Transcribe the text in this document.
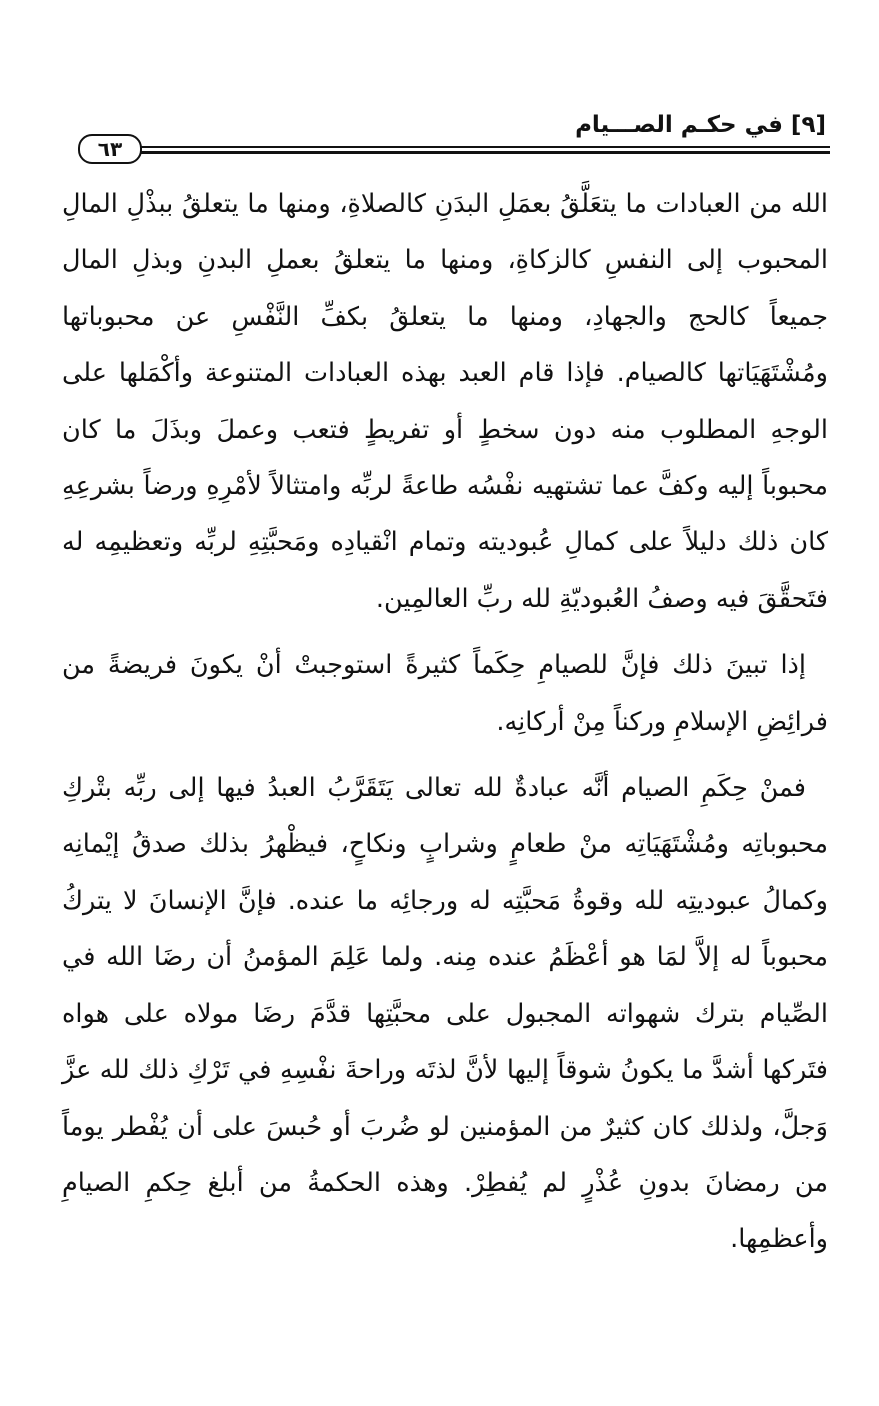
٦٣
[٩] في حكـم الصـــيام

الله من العبادات ما يتعَلَّقُ بعمَلِ البدَنِ كالصلاةِ، ومنها ما يتعلقُ ببذْلِ المالِ المحبوب إلى النفسِ كالزكاةِ، ومنها ما يتعلقُ بعملِ البدنِ وبذلِ المال جميعاً كالحج والجهادِ، ومنها ما يتعلقُ بكفِّ النَّفْسِ عن محبوباتها ومُشْتَهَيَاتها كالصيام. فإذا قام العبد بهذه العبادات المتنوعة وأكْمَلها على الوجهِ المطلوب منه دون سخطٍ أو تفريطٍ فتعب وعملَ وبذَلَ ما كان محبوباً إليه وكفَّ عما تشتهيه نفْسُه طاعةً لربِّه وامتثالاً لأمْرِهِ ورضاً بشرعِهِ كان ذلك دليلاً على كمالِ عُبوديته وتمام انْقيادِه ومَحبَّتِهِ لربِّه وتعظيمِه له فتَحقَّقَ فيه وصفُ العُبوديّةِ لله ربِّ العالمِين.

إذا تبينَ ذلك فإنَّ للصيامِ حِكَماً كثيرةً استوجبتْ أنْ يكونَ فريضةً من فرائِضِ الإسلامِ وركناً مِنْ أركانِه.

فمنْ حِكَمِ الصيام أنَّه عبادةٌ لله تعالى يَتَقَرَّبُ العبدُ فيها إلى ربِّه بتْركِ محبوباتِه ومُشْتَهَيَاتِه منْ طعامٍ وشرابٍ ونكاحٍ، فيظْهرُ بذلك صدقُ إيْمانِه وكمالُ عبوديتِه لله وقوةُ مَحبَّتِه له ورجائِه ما عنده. فإنَّ الإنسانَ لا يتركُ محبوباً له إلاَّ لمَا هو أعْظَمُ عنده مِنه. ولما عَلِمَ المؤمنُ أن رضَا الله في الصِّيام بترك شهواته المجبول على محبَّتِها قدَّمَ رضَا مولاه على هواه فتَركها أشدَّ ما يكونُ شوقاً إليها لأنَّ لذتَه وراحةَ نفْسِهِ في تَرْكِ ذلك لله عزَّ وَجلَّ، ولذلك كان كثيرٌ من المؤمنين لو ضُربَ أو حُبسَ على أن يُفْطر يوماً من رمضانَ بدونِ عُذْرٍ لم يُفطِرْ. وهذه الحكمةُ من أبلغ حِكمِ الصيامِ وأعظمِها.
